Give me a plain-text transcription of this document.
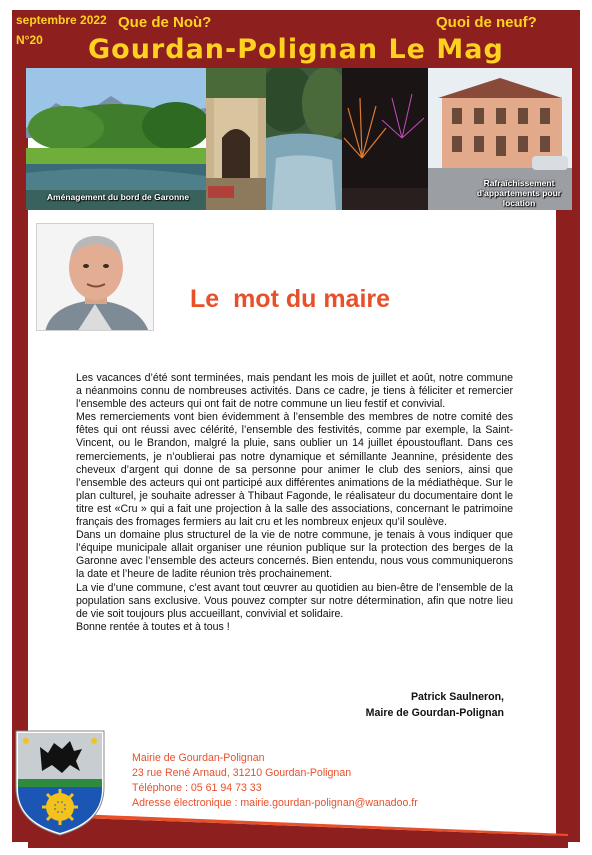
septembre 2022
N°20
Que de Noù?	Quoi de neuf?
Gourdan-Polignan Le Mag
Aménagement du bord de Garonne
Rafraîchissement d'appartements pour location
Le  mot du maire

Les vacances d’été sont terminées, mais pendant les mois de juillet et août, notre commune a néanmoins connu de nombreuses activités. Dans ce cadre, je tiens à féliciter et remercier l’ensemble des acteurs qui ont fait de notre commune un lieu festif et convivial.

Mes remerciements vont bien évidemment à l’ensemble des membres de notre comité des fêtes qui ont réussi avec célérité, l’ensemble des festivités, comme par exemple, la Saint-Vincent, ou le Brandon, malgré la pluie, sans oublier un 14 juillet époustouflant. Dans ces remerciements, je n’oublierai pas notre dynamique et sémillante Jeannine, présidente des cheveux d’argent qui donne de sa personne pour animer le club des seniors, ainsi que l’ensemble des acteurs qui ont participé aux différentes animations de la médiathèque. Sur le plan culturel, je souhaite adresser à Thibaut Fagonde, le réalisateur du documentaire dont le titre est «Cru » qui a fait une projection à la salle des associations, concernant le patrimoine français des fromages fermiers au lait cru et les nombreux enjeux qu’il soulève.

Dans un domaine plus structurel de la vie de notre commune, je tenais à vous indiquer que l’équipe municipale allait organiser une réunion publique sur la protection des berges de la Garonne avec l’ensemble des acteurs concernés. Bien entendu, nous vous communiquerons la date et l’heure de ladite réunion très prochainement.

La vie d’une commune, c’est avant tout œuvrer au quotidien au bien-être de l’ensemble de la population sans exclusive. Vous pouvez compter sur notre détermination, afin que notre lieu de vie soit toujours plus accueillant, convivial et solidaire.

Bonne rentée à toutes et à tous !

Patrick Saulneron,
Maire de Gourdan-Polignan
Mairie de Gourdan-Polignan
23 rue René Arnaud, 31210 Gourdan-Polignan
Téléphone : 05 61 94 73 33
Adresse électronique : mairie.gourdan-polignan@wanadoo.fr
